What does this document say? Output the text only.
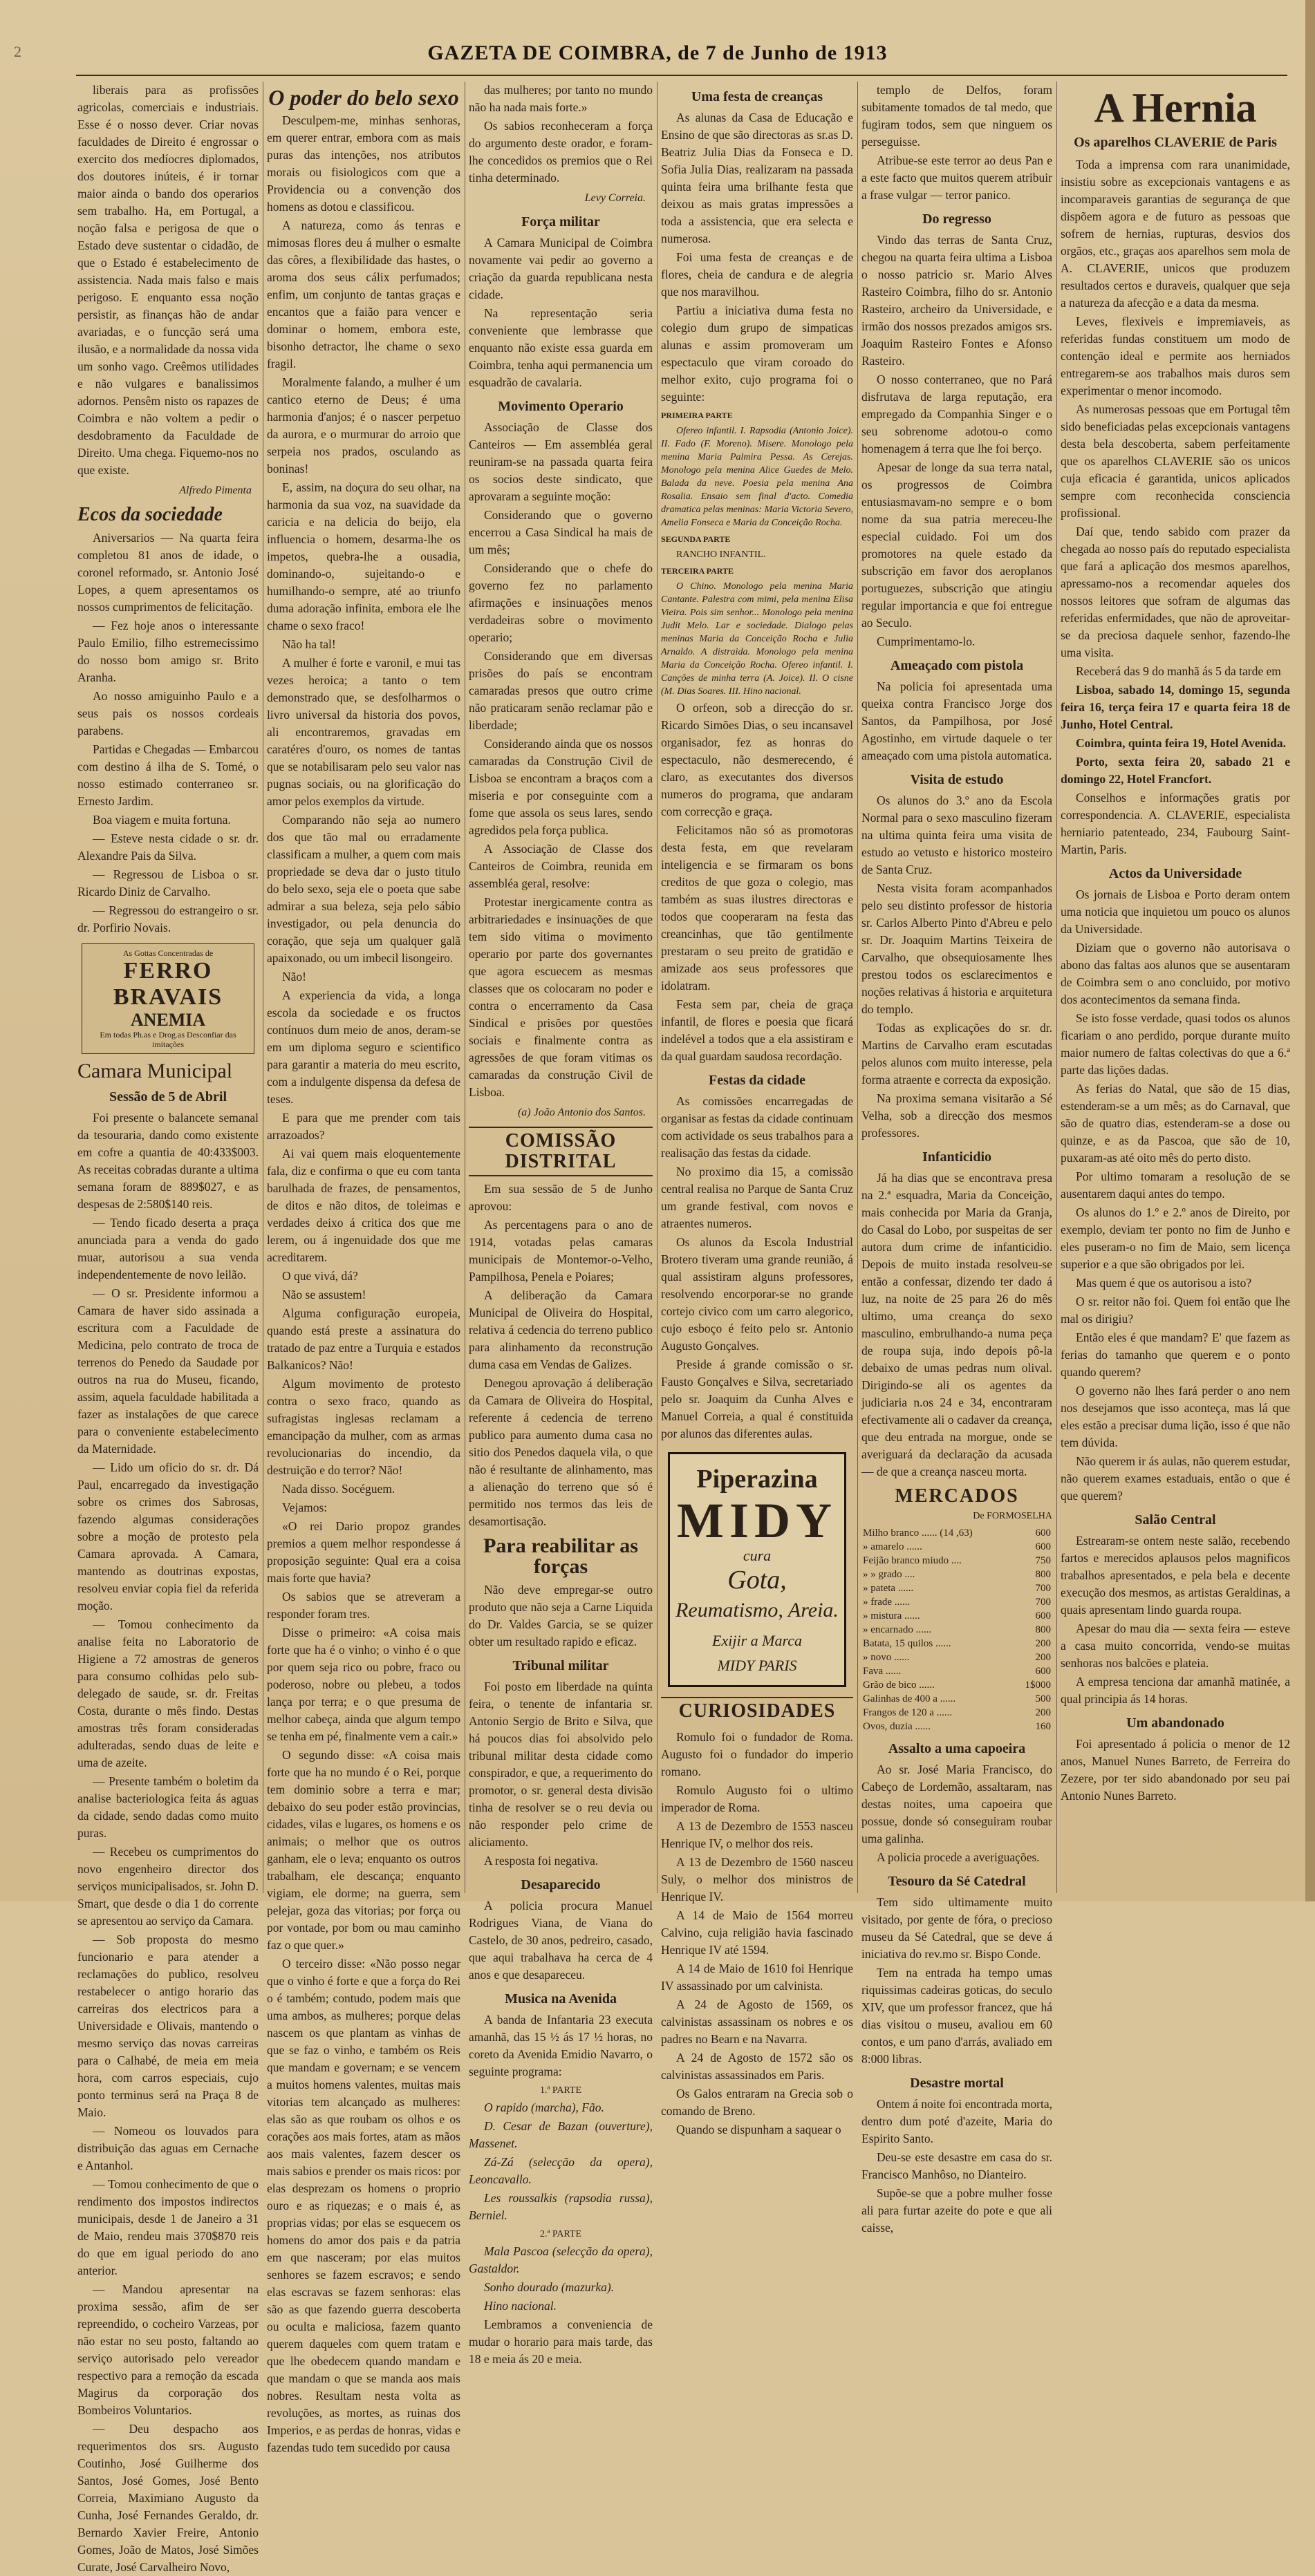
2	GAZETA DE COIMBRA, de 7 de Junho de 1913

liberais para as profissões agricolas, comerciais e industriais. Esse é o nosso dever. Criar novas faculdades de Direito é engrossar o exercito dos medíocres diplomados, dos doutores inúteis, é ir tornar maior ainda o bando dos operarios sem trabalho. Ha, em Portugal, a noção falsa e perigosa de que o Estado deve sustentar o cidadão, de que o Estado é estabelecimento de assistencia. Nada mais falso e mais perigoso. E enquanto essa noção persistir, as finanças hão de andar avariadas, e o funcção será uma ilusão, e a normalidade da nossa vida um sonho vago. Creêmos utilidades e não vulgares e banalissimos adornos. Pensêm nisto os rapazes de Coimbra e não voltem a pedir o desdobramento da Faculdade de Direito. Uma chega. Fiquemo-nos no que existe.

Alfredo Pimenta
Ecos da sociedade

Aniversarios — Na quarta feira completou 81 anos de idade, o coronel reformado, sr. Antonio José Lopes, a quem apresentamos os nossos cumprimentos de felicitação.

— Fez hoje anos o interessante Paulo Emilio, filho estremecissimo do nosso bom amigo sr. Brito Aranha.

Ao nosso amiguinho Paulo e a seus pais os nossos cordeais parabens.

Partidas e Chegadas — Embarcou com destino á ilha de S. Tomé, o nosso estimado conterraneo sr. Ernesto Jardim.

Boa viagem e muita fortuna.

— Esteve nesta cidade o sr. dr. Alexandre Pais da Silva.

— Regressou de Lisboa o sr. Ricardo Diniz de Carvalho.

— Regressou do estrangeiro o sr. dr. Porfirio Novais.

As Gottas Concentradas de
FERRO BRAVAIS
ANEMIA
Em todas Ph.as e Drog.as Desconfiar das imitações
Camara Municipal
Sessão de 5 de Abril

Foi presente o balancete semanal da tesouraria, dando como existente em cofre a quantia de 40:433$003. As receitas cobradas durante a ultima semana foram de 889$027, e as despesas de 2:580$140 reis.

— Tendo ficado deserta a praça anunciada para a venda do gado muar, autorisou a sua venda independentemente de novo leilão.

— O sr. Presidente informou a Camara de haver sido assinada a escritura com a Faculdade de Medicina, pelo contrato de troca de terrenos do Penedo da Saudade por outros na rua do Museu, ficando, assim, aquela faculdade habilitada a fazer as instalações de que carece para o conveniente estabelecimento da Maternidade.

— Lido um oficio do sr. dr. Dá Paul, encarregado da investigação sobre os crimes dos Sabrosas, fazendo algumas considerações sobre a moção de protesto pela Camara aprovada. A Camara, mantendo as doutrinas expostas, resolveu enviar copia fiel da referida moção.

— Tomou conhecimento da analise feita no Laboratorio de Higiene a 72 amostras de generos para consumo colhidas pelo sub-delegado de saude, sr. dr. Freitas Costa, durante o mês findo. Destas amostras três foram consideradas adulteradas, sendo duas de leite e uma de azeite.

— Presente também o boletim da analise bacteriologica feita ás aguas da cidade, sendo dadas como muito puras.

— Recebeu os cumprimentos do novo engenheiro director dos serviços municipalisados, sr. John D. Smart, que desde o dia 1 do corrente se apresentou ao serviço da Camara.

— Sob proposta do mesmo funcionario e para atender a reclamações do publico, resolveu restabelecer o antigo horario das carreiras dos electricos para a Universidade e Olivais, mantendo o mesmo serviço das novas carreiras para o Calhabé, de meia em meia hora, com carros especiais, cujo ponto terminus será na Praça 8 de Maio.

— Nomeou os louvados para distribuição das aguas em Cernache e Antanhol.

— Tomou conhecimento de que o rendimento dos impostos indirectos municipais, desde 1 de Janeiro a 31 de Maio, rendeu mais 370$870 reis do que em igual periodo do ano anterior.

— Mandou apresentar na proxima sessão, afim de ser repreendido, o cocheiro Varzeas, por não estar no seu posto, faltando ao serviço autorisado pelo vereador respectivo para a remoção da escada Magirus da corporação dos Bombeiros Voluntarios.

— Deu despacho aos requerimentos dos srs. Augusto Coutinho, José Guilherme dos Santos, José Gomes, José Bento Correia, Maximiano Augusto da Cunha, José Fernandes Geraldo, dr. Bernardo Xavier Freire, Antonio Gomes, João de Matos, José Simões Curate, José Carvalheiro Novo,

O poder do belo sexo

Desculpem-me, minhas senhoras, em querer entrar, embora com as mais puras das intenções, nos atributos morais ou fisiologicos com que a Providencia ou a convenção dos homens as dotou e classificou.

A natureza, como ás tenras e mimosas flores deu á mulher o esmalte das côres, a flexibilidade das hastes, o aroma dos seus cálix perfumados; enfim, um conjunto de tantas graças e encantos que a faião para vencer e dominar o homem, embora este, bisonho detractor, lhe chame o sexo fragil.

Moralmente falando, a mulher é um cantico eterno de Deus; é uma harmonia d'anjos; é o nascer perpetuo da aurora, e o murmurar do arroio que serpeia nos prados, osculando as boninas!

E, assim, na doçura do seu olhar, na harmonia da sua voz, na suavidade da caricia e na delicia do beijo, ela influencia o homem, desarma-lhe os impetos, quebra-lhe a ousadia, dominando-o, sujeitando-o e humilhando-o sempre, até ao triunfo duma adoração infinita, embora ele lhe chame o sexo fraco!

Não ha tal!

A mulher é forte e varonil, e mui tas vezes heroica; a tanto o tem demonstrado que, se desfolharmos o livro universal da historia dos povos, ali encontraremos, gravadas em caratéres d'ouro, os nomes de tantas que se notabilisaram pelo seu valor nas pugnas sociais, ou na glorificação do amor pelos exemplos da virtude.

Comparando não seja ao numero dos que tão mal ou erradamente classificam a mulher, a quem com mais propriedade se deva dar o justo titulo do belo sexo, seja ele o poeta que sabe admirar a sua beleza, seja pelo sábio investigador, ou pela denuncia do coração, que seja um qualquer galã apaixonado, ou um imbecil lisongeiro.

Não!

A experiencia da vida, a longa escola da sociedade e os fructos contínuos dum meio de anos, deram-se em um diploma seguro e scientifico para garantir a materia do meu escrito, com a indulgente dispensa da defesa de teses.

E para que me prender com tais arrazoados?

Ai vai quem mais eloquentemente fala, diz e confirma o que eu com tanta barulhada de frazes, de pensamentos, de ditos e não ditos, de toleimas e verdades deixo á critica dos que me lerem, ou á ingenuidade dos que me acreditarem.

O que vivá, dá?

Não se assustem!

Alguma configuração europeia, quando está preste a assinatura do tratado de paz entre a Turquia e estados Balkanicos? Não!

Algum movimento de protesto contra o sexo fraco, quando as sufragistas inglesas reclamam a emancipação da mulher, com as armas revolucionarias do incendio, da destruição e do terror? Não!

Nada disso. Socéguem.

Vejamos:

«O rei Dario propoz grandes premios a quem melhor respondesse á proposição seguinte: Qual era a coisa mais forte que havia?

Os sabios que se atreveram a responder foram tres.

Disse o primeiro: «A coisa mais forte que ha é o vinho; o vinho é o que por quem seja rico ou pobre, fraco ou poderoso, nobre ou plebeu, a todos lança por terra; e o que presuma de melhor cabeça, ainda que algum tempo se tenha em pé, finalmente vem a cair.»

O segundo disse: «A coisa mais forte que ha no mundo é o Rei, porque tem dominio sobre a terra e mar; debaixo do seu poder estão provincias, cidades, vilas e lugares, os homens e os animais; o melhor que os outros ganham, ele o leva; enquanto os outros trabalham, ele descança; enquanto vigiam, ele dorme; na guerra, sem pelejar, goza das vitorias; por força ou por vontade, por bom ou mau caminho faz o que quer.»

O terceiro disse: «Não posso negar que o vinho é forte e que a força do Rei o é também; contudo, podem mais que uma ambos, as mulheres; porque delas nascem os que plantam as vinhas de que se faz o vinho, e também os Reis que mandam e governam; e se vencem a muitos homens valentes, muitas mais vitorias tem alcançado as mulheres: elas são as que roubam os olhos e os corações aos mais fortes, atam as mãos aos mais valentes, fazem descer os mais sabios e prender os mais ricos: por elas desprezam os homens o proprio ouro e as riquezas; e o mais é, as proprias vidas; por elas se esquecem os homens do amor dos pais e da patria em que nasceram; por elas muitos senhores se fazem escravos; e sendo elas escravas se fazem senhoras: elas são as que fazendo guerra descoberta ou oculta e maliciosa, fazem quanto querem daqueles com quem tratam e que lhe obedecem quando mandam e que mandam o que se manda aos mais nobres. Resultam nesta volta as revoluções, as mortes, as ruinas dos Imperios, e as perdas de honras, vidas e fazendas tudo tem sucedido por causa

das mulheres; por tanto no mundo não ha nada mais forte.»

Os sabios reconheceram a força do argumento deste orador, e foram-lhe concedidos os premios que o Rei tinha determinado.

Levy Correia.
Força militar

A Camara Municipal de Coimbra novamente vai pedir ao governo a criação da guarda republicana nesta cidade.

Na representação seria conveniente que lembrasse que enquanto não existe essa guarda em Coimbra, tenha aqui permanencia um esquadrão de cavalaria.

Movimento Operario

Associação de Classe dos Canteiros — Em assembléa geral reuniram-se na passada quarta feira os socios deste sindicato, que aprovaram a seguinte moção:

Considerando que o governo encerrou a Casa Sindical ha mais de um mês;

Considerando que o chefe do governo fez no parlamento afirmações e insinuações menos verdadeiras sobre o movimento operario;

Considerando que em diversas prisões do país se encontram camaradas presos que outro crime não praticaram senão reclamar pão e liberdade;

Considerando ainda que os nossos camaradas da Construção Civil de Lisboa se encontram a braços com a miseria e por conseguinte com a fome que assola os seus lares, sendo agredidos pela força publica.

A Associação de Classe dos Canteiros de Coimbra, reunida em assembléa geral, resolve:

Protestar inergicamente contra as arbitrariedades e insinuações de que tem sido vitima o movimento operario por parte dos governantes que agora escuecem as mesmas classes que os colocaram no poder e contra o encerramento da Casa Sindical e prisões por questões sociais e finalmente contra as agressões de que foram vitimas os camaradas da construção Civil de Lisboa.

(a) João Antonio dos Santos.
COMISSÃO DISTRITAL

Em sua sessão de 5 de Junho aprovou:

As percentagens para o ano de 1914, votadas pelas camaras municipais de Montemor-o-Velho, Pampilhosa, Penela e Poiares;

A deliberação da Camara Municipal de Oliveira do Hospital, relativa á cedencia do terreno publico para alinhamento da reconstrução duma casa em Vendas de Galizes.

Denegou aprovação á deliberação da Camara de Oliveira do Hospital, referente á cedencia de terreno publico para aumento duma casa no sitio dos Penedos daquela vila, o que não é resultante de alinhamento, mas a alienação do terreno que só é permitido nos termos das leis de desamortisação.

Para reabilitar as forças

Não deve empregar-se outro produto que não seja a Carne Liquida do Dr. Valdes Garcia, se se quizer obter um resultado rapido e eficaz.

Tribunal militar

Foi posto em liberdade na quinta feira, o tenente de infantaria sr. Antonio Sergio de Brito e Silva, que há poucos dias foi absolvido pelo tribunal militar desta cidade como conspirador, e que, a requerimento do promotor, o sr. general desta divisão tinha de resolver se o reu devia ou não responder pelo crime de aliciamento.

A resposta foi negativa.

Desaparecido

A policia procura Manuel Rodrigues Viana, de Viana do Castelo, de 30 anos, pedreiro, casado, que aqui trabalhava ha cerca de 4 anos e que desapareceu.

Musica na Avenida

A banda de Infantaria 23 executa amanhã, das 15 ½ ás 17 ½ horas, no coreto da Avenida Emidio Navarro, o seguinte programa:

1.ª PARTE

O rapido (marcha), Fão.

D. Cesar de Bazan (ouverture), Massenet.

Zá-Zá (selecção da opera), Leoncavallo.

Les roussalkis (rapsodia russa), Berniel.

2.ª PARTE

Mala Pascoa (selecção da opera), Gastaldor.

Sonho dourado (mazurka).

Hino nacional.

Lembramos a conveniencia de mudar o horario para mais tarde, das 18 e meia ás 20 e meia.

Uma festa de creanças

As alunas da Casa de Educação e Ensino de que são directoras as sr.as D. Beatriz Julia Dias da Fonseca e D. Sofia Julia Dias, realizaram na passada quinta feira uma brilhante festa que deixou as mais gratas impressões a toda a assistencia, que era selecta e numerosa.

Foi uma festa de creanças e de flores, cheia de candura e de alegria que nos maravilhou.

Partiu a iniciativa duma festa no colegio dum grupo de simpaticas alunas e assim promoveram um espectaculo que viram coroado do melhor exito, cujo programa foi o seguinte:

PRIMEIRA PARTE

Ofereo infantil. I. Rapsodia (Antonio Joice). II. Fado (F. Moreno). Misere. Monologo pela menina Maria Palmira Pessa. As Cerejas. Monologo pela menina Alice Guedes de Melo. Balada da neve. Poesia pela menina Ana Rosalia. Ensaio sem final d'acto. Comedia dramatica pelas meninas: Maria Victoria Severo, Amelia Fonseca e Maria da Conceição Rocha.

SEGUNDA PARTE

RANCHO INFANTIL.

TERCEIRA PARTE

O Chino. Monologo pela menina Maria Cantante. Palestra com mimi, pela menina Elisa Vieira. Pois sim senhor... Monologo pela menina Judit Melo. Lar e sociedade. Dialogo pelas meninas Maria da Conceição Rocha e Julia Arnaldo. A distraida. Monologo pela menina Maria da Conceição Rocha. Ofereo infantil. I. Canções de minha terra (A. Joice). II. O cisne (M. Dias Soares. III. Hino nacional.

O orfeon, sob a direcção do sr. Ricardo Simões Dias, o seu incansavel organisador, fez as honras do espectaculo, não desmerecendo, é claro, as executantes dos diversos numeros do programa, que andaram com correcção e graça.

Felicitamos não só as promotoras desta festa, em que revelaram inteligencia e se firmaram os bons creditos de que goza o colegio, mas também as suas ilustres directoras e todos que cooperaram na festa das creancinhas, que tão gentilmente prestaram o seu preito de gratidão e amizade aos seus professores que idolatram.

Festa sem par, cheia de graça infantil, de flores e poesia que ficará indelével a todos que a ela assistiram e da qual guardam saudosa recordação.

Festas da cidade

As comissões encarregadas de organisar as festas da cidade continuam com actividade os seus trabalhos para a realisação das festas da cidade.

No proximo dia 15, a comissão central realisa no Parque de Santa Cruz um grande festival, com novos e atraentes numeros.

Os alunos da Escola Industrial Brotero tiveram uma grande reunião, á qual assistiram alguns professores, resolvendo encorporar-se no grande cortejo civico com um carro alegorico, cujo esboço é feito pelo sr. Antonio Augusto Gonçalves.

Preside á grande comissão o sr. Fausto Gonçalves e Silva, secretariado pelo sr. Joaquim da Cunha Alves e Manuel Correia, a qual é constituida por alunos das diferentes aulas.

Piperazina
MIDY
cura
Gota,
Reumatismo, Areia.
Exijir a Marca
MIDY PARIS
CURIOSIDADES

Romulo foi o fundador de Roma. Augusto foi o fundador do imperio romano.

Romulo Augusto foi o ultimo imperador de Roma.

A 13 de Dezembro de 1553 nasceu Henrique IV, o melhor dos reis.

A 13 de Dezembro de 1560 nasceu Suly, o melhor dos ministros de Henrique IV.

A 14 de Maio de 1564 morreu Calvino, cuja religião havia fascinado Henrique IV até 1594.

A 14 de Maio de 1610 foi Henrique IV assassinado por um calvinista.

A 24 de Agosto de 1569, os calvinistas assassinam os nobres e os padres no Bearn e na Navarra.

A 24 de Agosto de 1572 são os calvinistas assassinados em Paris.

Os Galos entraram na Grecia sob o comando de Breno.

Quando se dispunham a saquear o

templo de Delfos, foram subitamente tomados de tal medo, que fugiram todos, sem que ninguem os perseguisse.

Atribue-se este terror ao deus Pan e a este facto que muitos querem atribuir a frase vulgar — terror panico.

Do regresso

Vindo das terras de Santa Cruz, chegou na quarta feira ultima a Lisboa o nosso patricio sr. Mario Alves Rasteiro Coimbra, filho do sr. Antonio Rasteiro, archeiro da Universidade, e irmão dos nossos prezados amigos srs. Joaquim Rasteiro Fontes e Afonso Rasteiro.

O nosso conterraneo, que no Pará disfrutava de larga reputação, era empregado da Companhia Singer e o seu sobrenome adotou-o como homenagem á terra que lhe foi berço.

Apesar de longe da sua terra natal, os progressos de Coimbra entusiasmavam-no sempre e o bom nome da sua patria mereceu-lhe especial cuidado. Foi um dos promotores na quele estado da subscrição em favor dos aeroplanos portuguezes, subscrição que atingiu regular importancia e que foi entregue ao Seculo.

Cumprimentamo-lo.

Ameaçado com pistola

Na policia foi apresentada uma queixa contra Francisco Jorge dos Santos, da Pampilhosa, por José Agostinho, em virtude daquele o ter ameaçado com uma pistola automatica.

Visita de estudo

Os alunos do 3.º ano da Escola Normal para o sexo masculino fizeram na ultima quinta feira uma visita de estudo ao vetusto e historico mosteiro de Santa Cruz.

Nesta visita foram acompanhados pelo seu distinto professor de historia sr. Carlos Alberto Pinto d'Abreu e pelo sr. Dr. Joaquim Martins Teixeira de Carvalho, que obsequiosamente lhes prestou todos os esclarecimentos e noções relativas á historia e arquitetura do templo.

Todas as explicações do sr. dr. Martins de Carvalho eram escutadas pelos alunos com muito interesse, pela forma atraente e correcta da exposição.

Na proxima semana visitarão a Sé Velha, sob a direcção dos mesmos professores.

Infanticidio

Já ha dias que se encontrava presa na 2.ª esquadra, Maria da Conceição, mais conhecida por Maria da Granja, do Casal do Lobo, por suspeitas de ser autora dum crime de infanticidio. Depois de muito instada resolveu-se então a confessar, dizendo ter dado á luz, na noite de 25 para 26 do mês ultimo, uma creança do sexo masculino, embrulhando-a numa peça de roupa suja, indo depois pô-la debaixo de umas pedras num olival. Dirigindo-se ali os agentes da judiciaria n.os 24 e 34, encontraram efectivamente ali o cadaver da creança, que deu entrada na morgue, onde se averiguará da declaração da acusada — de que a creança nasceu morta.

MERCADOS
De FORMOSELHA
Milho branco ...... (14 ,63)	600
» amarelo ......	600
Feijão branco miudo ....	750
» » grado ....	800
» pateta ......	700
» frade ......	700
» mistura ......	600
» encarnado ......	800
Batata, 15 quilos ......	200
» novo ......	200
Fava ......	600
Grão de bico ......	1$000
Galinhas de 400 a ......	500
Frangos de 120 a ......	200
Ovos, duzia ......	160
Assalto a uma capoeira

Ao sr. José Maria Francisco, do Cabeço de Lordemão, assaltaram, nas destas noites, uma capoeira que possue, donde só conseguiram roubar uma galinha.

A policia procede a averiguações.

Tesouro da Sé Catedral

Tem sido ultimamente muito visitado, por gente de fóra, o precioso museu da Sé Catedral, que se deve á iniciativa do rev.mo sr. Bispo Conde.

Tem na entrada ha tempo umas riquissimas cadeiras goticas, do seculo XIV, que um professor francez, que há dias visitou o museu, avaliou em 60 contos, e um pano d'arrás, avaliado em 8:000 libras.

Desastre mortal

Ontem á noite foi encontrada morta, dentro dum poté d'azeite, Maria do Espirito Santo.

Deu-se este desastre em casa do sr. Francisco Manhôso, no Dianteiro.

Supõe-se que a pobre mulher fosse ali para furtar azeite do pote e que ali caisse,

A Hernia
Os aparelhos CLAVERIE de Paris

Toda a imprensa com rara unanimidade, insistiu sobre as excepcionais vantagens e as incomparaveis garantias de segurança de que dispõem agora e de futuro as pessoas que sofrem de hernias, rupturas, desvios dos orgãos, etc., graças aos aparelhos sem mola de A. CLAVERIE, unicos que produzem resultados certos e duraveis, qualquer que seja a natureza da afecção e a data da mesma.

Leves, flexiveis e impremiaveis, as referidas fundas constituem um modo de contenção ideal e permite aos herniados entregarem-se aos trabalhos mais duros sem experimentar o menor incomodo.

As numerosas pessoas que em Portugal têm sido beneficiadas pelas excepcionais vantagens desta bela descoberta, sabem perfeitamente que os aparelhos CLAVERIE são os unicos cuja eficacia é garantida, unicos aplicados sempre com reconhecida consciencia profissional.

Daí que, tendo sabido com prazer da chegada ao nosso país do reputado especialista que fará a aplicação dos mesmos aparelhos, apressamo-nos a recomendar aqueles dos nossos leitores que sofram de algumas das referidas enfermidades, que não de aproveitar-se da preciosa daquele senhor, fazendo-lhe uma visita.

Receberá das 9 do manhã ás 5 da tarde em

Lisboa, sabado 14, domingo 15, segunda feira 16, terça feira 17 e quarta feira 18 de Junho, Hotel Central.

Coimbra, quinta feira 19, Hotel Avenida.

Porto, sexta feira 20, sabado 21 e domingo 22, Hotel Francfort.

Conselhos e informações gratis por correspondencia. A. CLAVERIE, especialista herniario patenteado, 234, Faubourg Saint-Martin, Paris.

Actos da Universidade

Os jornais de Lisboa e Porto deram ontem uma noticia que inquietou um pouco os alunos da Universidade.

Diziam que o governo não autorisava o abono das faltas aos alunos que se ausentaram de Coimbra sem o ano concluido, por motivo dos acontecimentos da semana finda.

Se isto fosse verdade, quasi todos os alunos ficariam o ano perdido, porque durante muito maior numero de faltas colectivas do que a 6.ª parte das lições dadas.

As ferias do Natal, que são de 15 dias, estenderam-se a um mês; as do Carnaval, que são de quatro dias, estenderam-se a dose ou quinze, e as da Pascoa, que são de 10, puxaram-as até oito mês do perto disto.

Por ultimo tomaram a resolução de se ausentarem daqui antes do tempo.

Os alunos do 1.º e 2.º anos de Direito, por exemplo, deviam ter ponto no fim de Junho e eles puseram-o no fim de Maio, sem licença superior e a que são obrigados por lei.

Mas quem é que os autorisou a isto?

O sr. reitor não foi. Quem foi então que lhe mal os dirigiu?

Então eles é que mandam? E' que fazem as ferias do tamanho que querem e o ponto quando querem?

O governo não lhes fará perder o ano nem nos desejamos que isso aconteça, mas lá que eles estão a precisar duma lição, isso é que não tem dúvida.

Não querem ir ás aulas, não querem estudar, não querem exames estaduais, então o que é que querem?

Salão Central

Estrearam-se ontem neste salão, recebendo fartos e merecidos aplausos pelos magnificos trabalhos apresentados, e pela bela e decente execução dos mesmos, as artistas Geraldinas, a quais apresentam lindo guarda roupa.

Apesar do mau dia — sexta feira — esteve a casa muito concorrida, vendo-se muitas senhoras nos balcões e plateia.

A empresa tenciona dar amanhã matinée, a qual principia ás 14 horas.

Um abandonado

Foi apresentado á policia o menor de 12 anos, Manuel Nunes Barreto, de Ferreira do Zezere, por ter sido abandonado por seu pai Antonio Nunes Barreto.
